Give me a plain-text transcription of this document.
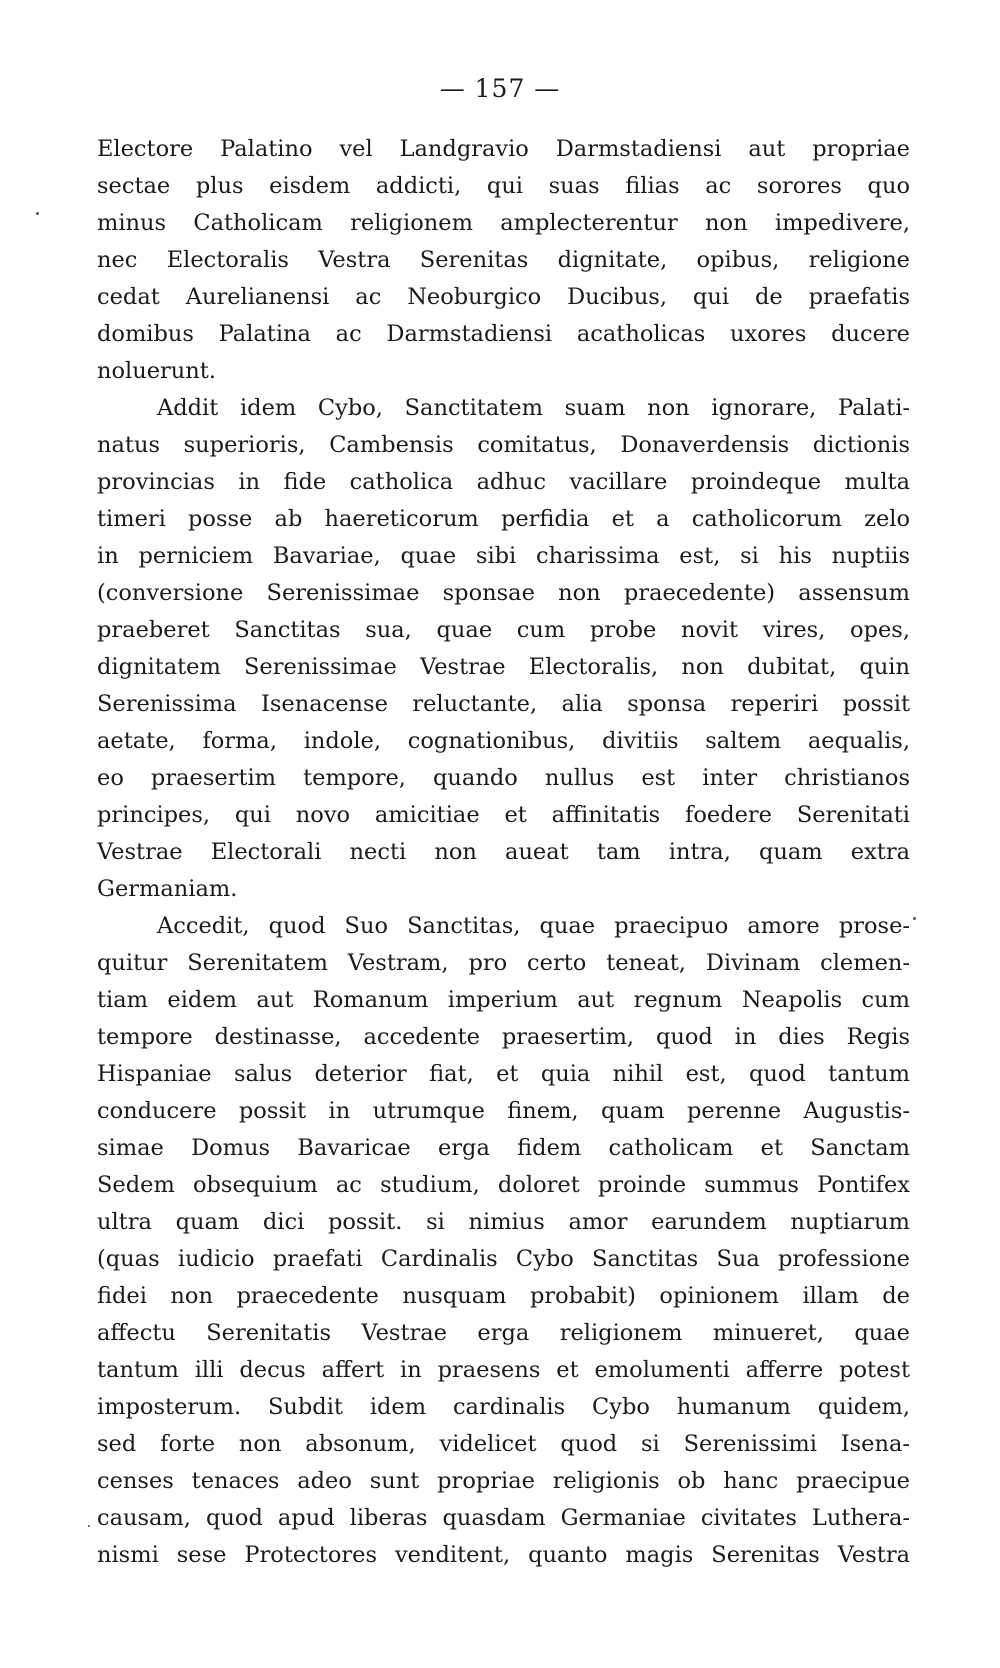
— 157 —
Electore Palatino vel Landgravio Darmstadiensi aut propriae
sectae plus eisdem addicti, qui suas filias ac sorores quo
minus Catholicam religionem amplecterentur non impedivere,
nec Electoralis Vestra Serenitas dignitate, opibus, religione
cedat Aurelianensi ac Neoburgico Ducibus, qui de praefatis
domibus Palatina ac Darmstadiensi acatholicas uxores ducere
noluerunt.
Addit idem Cybo, Sanctitatem suam non ignorare, Palati-
natus superioris, Cambensis comitatus, Donaverdensis dictionis
provincias in fide catholica adhuc vacillare proindeque multa
timeri posse ab haereticorum perfidia et a catholicorum zelo
in perniciem Bavariae, quae sibi charissima est, si his nuptiis
(conversione Serenissimae sponsae non praecedente) assensum
praeberet Sanctitas sua, quae cum probe novit vires, opes,
dignitatem Serenissimae Vestrae Electoralis, non dubitat, quin
Serenissima Isenacense reluctante, alia sponsa reperiri possit
aetate, forma, indole, cognationibus, divitiis saltem aequalis,
eo praesertim tempore, quando nullus est inter christianos
principes, qui novo amicitiae et affinitatis foedere Serenitati
Vestrae Electorali necti non aueat tam intra, quam extra
Germaniam.
Accedit, quod Suo Sanctitas, quae praecipuo amore prose-
quitur Serenitatem Vestram, pro certo teneat, Divinam clemen-
tiam eidem aut Romanum imperium aut regnum Neapolis cum
tempore destinasse, accedente praesertim, quod in dies Regis
Hispaniae salus deterior fiat, et quia nihil est, quod tantum
conducere possit in utrumque finem, quam perenne Augustis-
simae Domus Bavaricae erga fidem catholicam et Sanctam
Sedem obsequium ac studium, doloret proinde summus Pontifex
ultra quam dici possit. si nimius amor earundem nuptiarum
(quas iudicio praefati Cardinalis Cybo Sanctitas Sua professione
fidei non praecedente nusquam probabit) opinionem illam de
affectu Serenitatis Vestrae erga religionem minueret, quae
tantum illi decus affert in praesens et emolumenti afferre potest
imposterum. Subdit idem cardinalis Cybo humanum quidem,
sed forte non absonum, videlicet quod si Serenissimi Isena-
censes tenaces adeo sunt propriae religionis ob hanc praecipue
causam, quod apud liberas quasdam Germaniae civitates Luthera-
nismi sese Protectores venditent, quanto magis Serenitas Vestra
